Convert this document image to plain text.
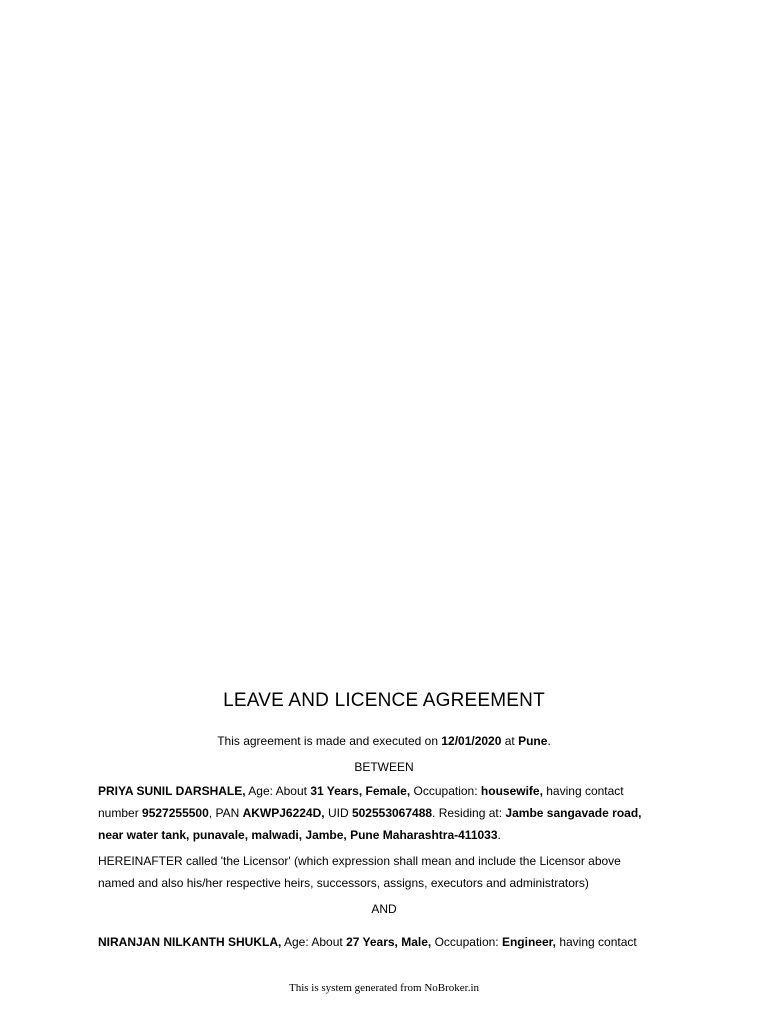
LEAVE AND LICENCE AGREEMENT
This agreement is made and executed on 12/01/2020 at Pune.
BETWEEN
PRIYA SUNIL DARSHALE, Age: About 31 Years, Female, Occupation: housewife, having contact
number 9527255500, PAN AKWPJ6224D, UID 502553067488. Residing at: Jambe sangavade road,
near water tank, punavale, malwadi, Jambe, Pune Maharashtra-411033.
HEREINAFTER called 'the Licensor' (which expression shall mean and include the Licensor above
named and also his/her respective heirs, successors, assigns, executors and administrators)
AND
NIRANJAN NILKANTH SHUKLA, Age: About 27 Years, Male, Occupation: Engineer, having contact
This is system generated from NoBroker.in
